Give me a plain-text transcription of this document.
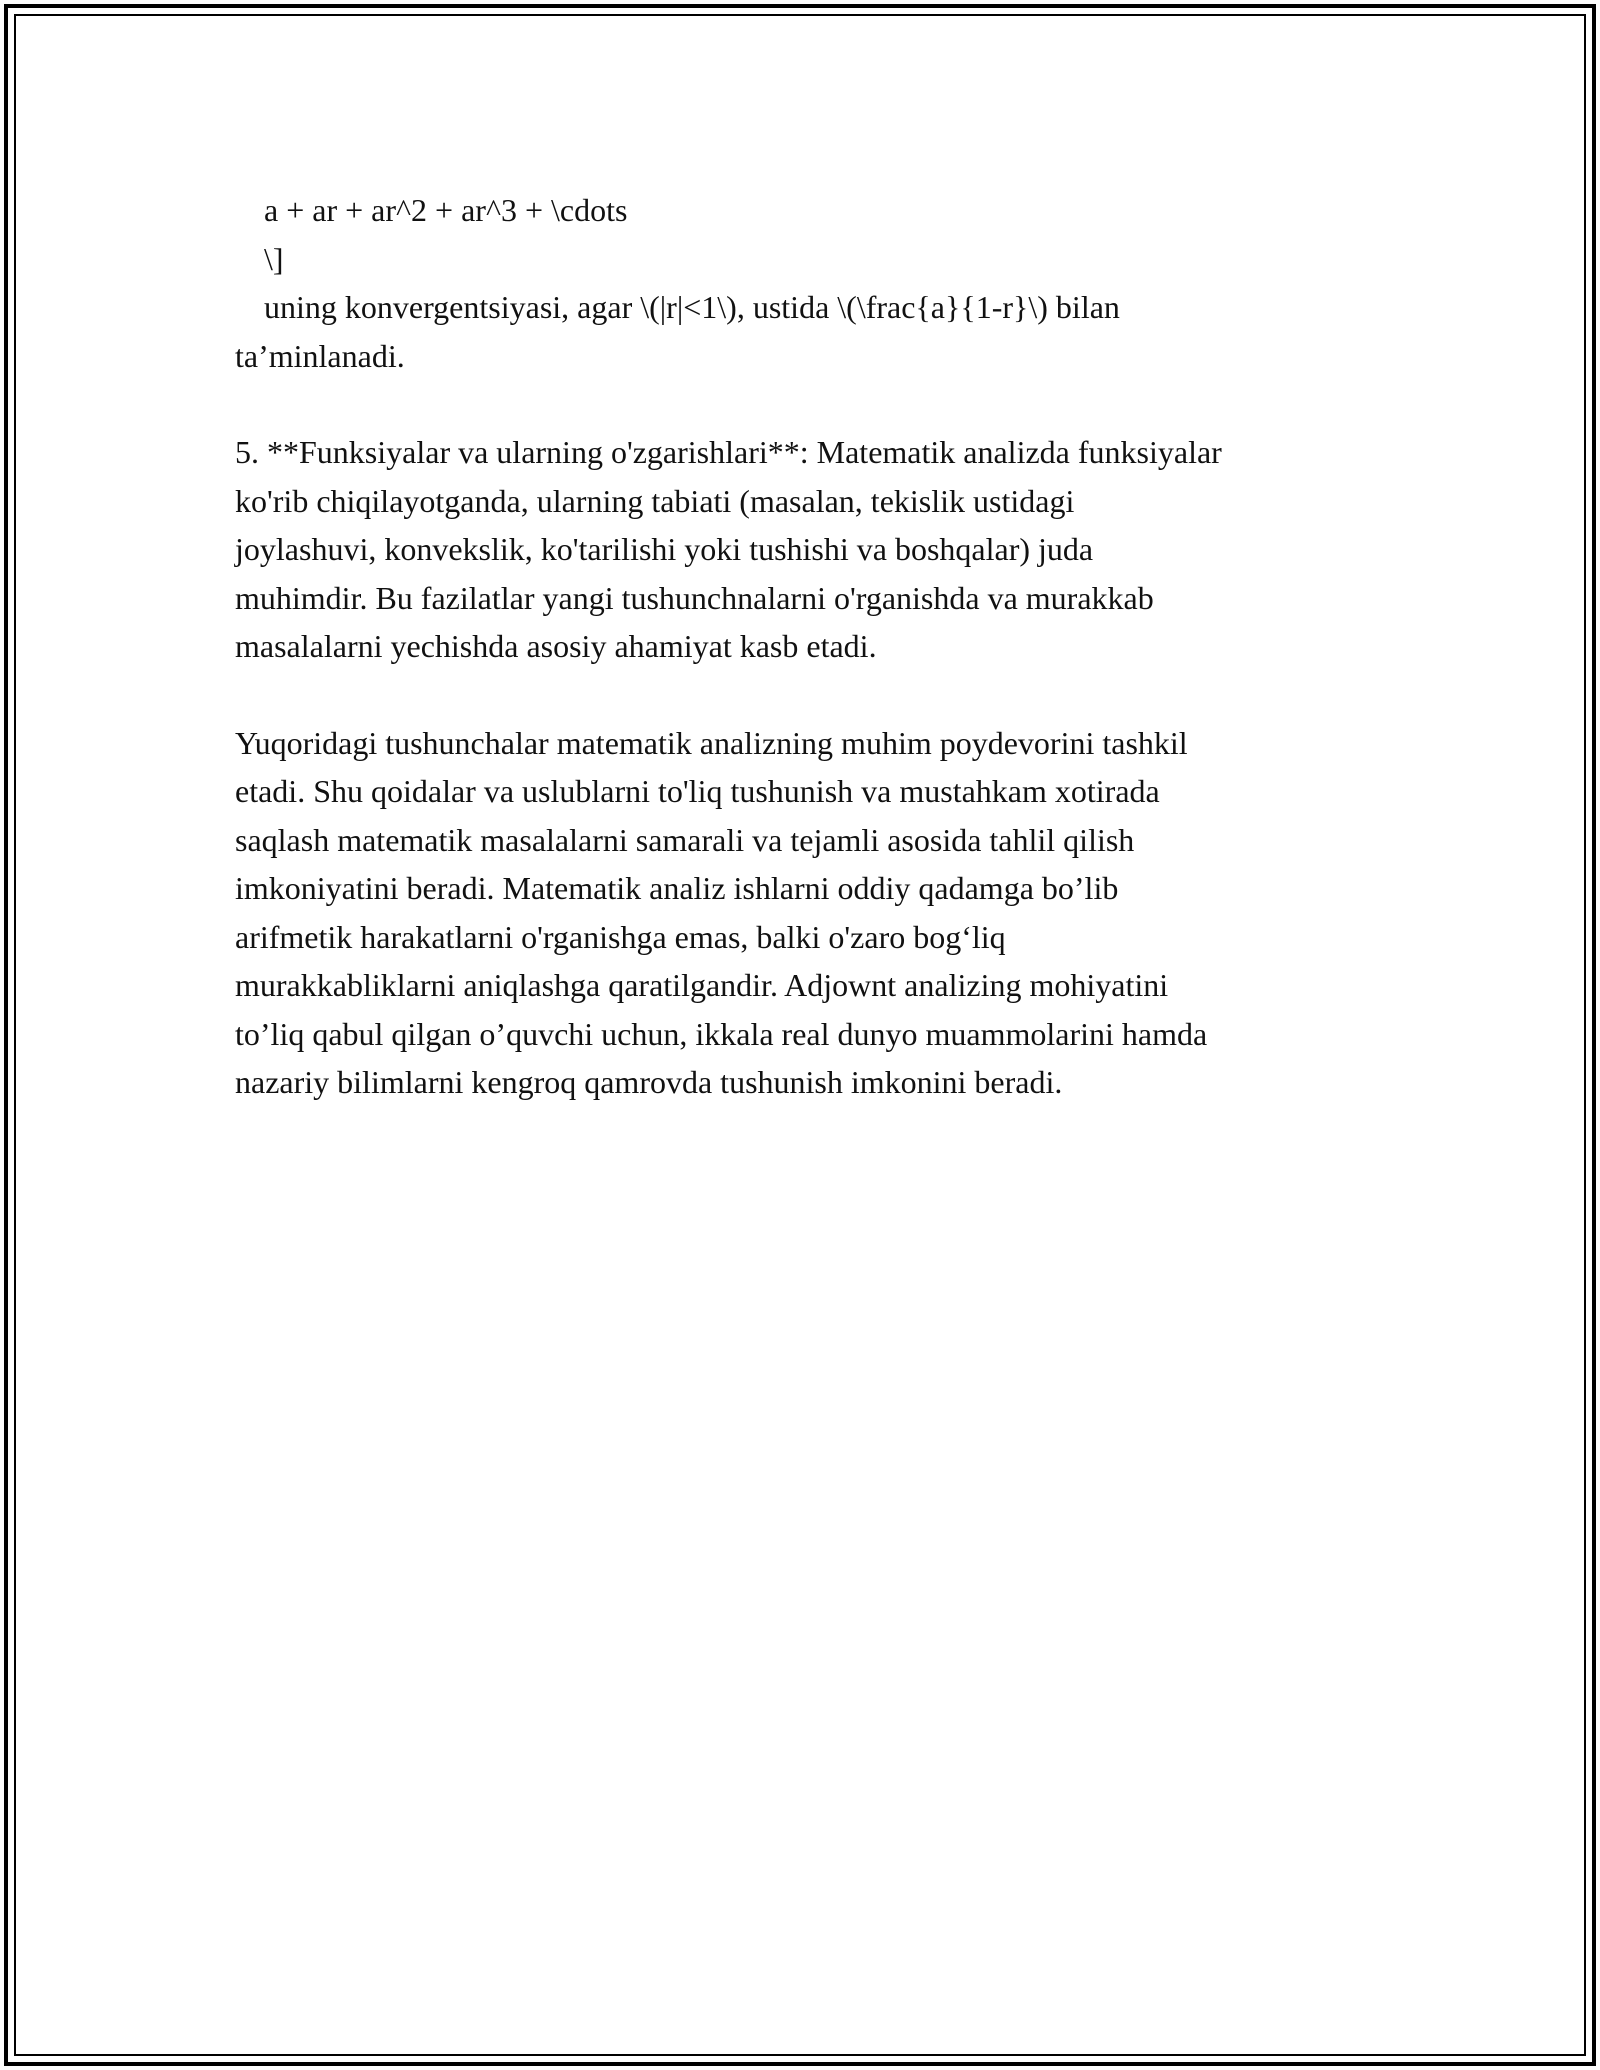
a + ar + ar^2 + ar^3 + \cdots
\]
uning konvergentsiyasi, agar \(|r|<1\), ustida \(\frac{a}{1-r}\) bilan
ta’minlanadi.
5. **Funksiyalar va ularning o'zgarishlari**: Matematik analizda funksiyalar
ko'rib chiqilayotganda, ularning tabiati (masalan, tekislik ustidagi
joylashuvi, konvekslik, ko'tarilishi yoki tushishi va boshqalar) juda
muhimdir. Bu fazilatlar yangi tushunchnalarni o'rganishda va murakkab
masalalarni yechishda asosiy ahamiyat kasb etadi.
Yuqoridagi tushunchalar matematik analizning muhim poydevorini tashkil
etadi. Shu qoidalar va uslublarni to'liq tushunish va mustahkam xotirada
saqlash matematik masalalarni samarali va tejamli asosida tahlil qilish
imkoniyatini beradi. Matematik analiz ishlarni oddiy qadamga bo’lib
arifmetik harakatlarni o'rganishga emas, balki o'zaro bog‘liq
murakkabliklarni aniqlashga qaratilgandir. Adjownt analizing mohiyatini
to’liq qabul qilgan o’quvchi uchun, ikkala real dunyo muammolarini hamda
nazariy bilimlarni kengroq qamrovda tushunish imkonini beradi.
